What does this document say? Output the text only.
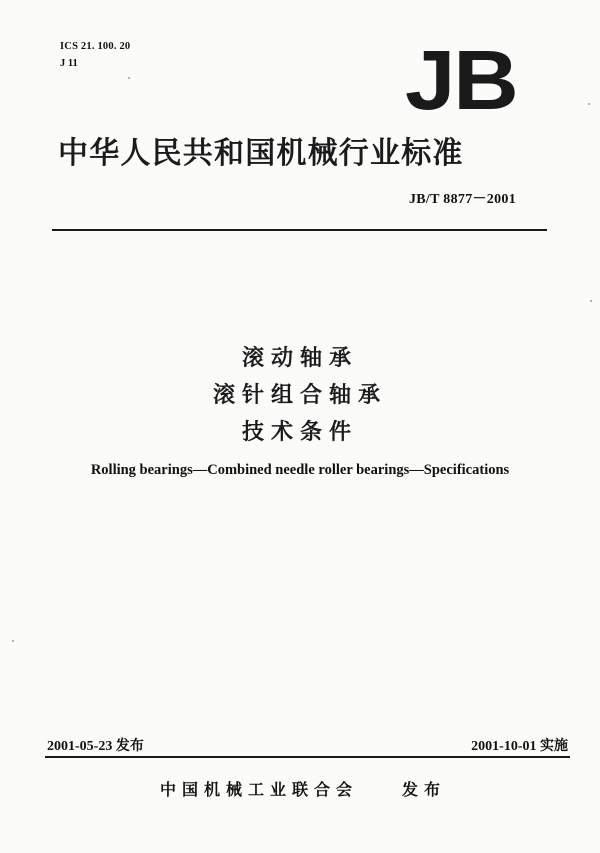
ICS 21. 100. 20
J 11	JB
中华人民共和国机械行业标准
JB/T 8877－2001
滚动轴承
滚针组合轴承
技术条件

Rolling bearings—Combined needle roller bearings—Specifications

2001-05-23 发布	2001-10-01 实施
中国机械工业联合会	发布
